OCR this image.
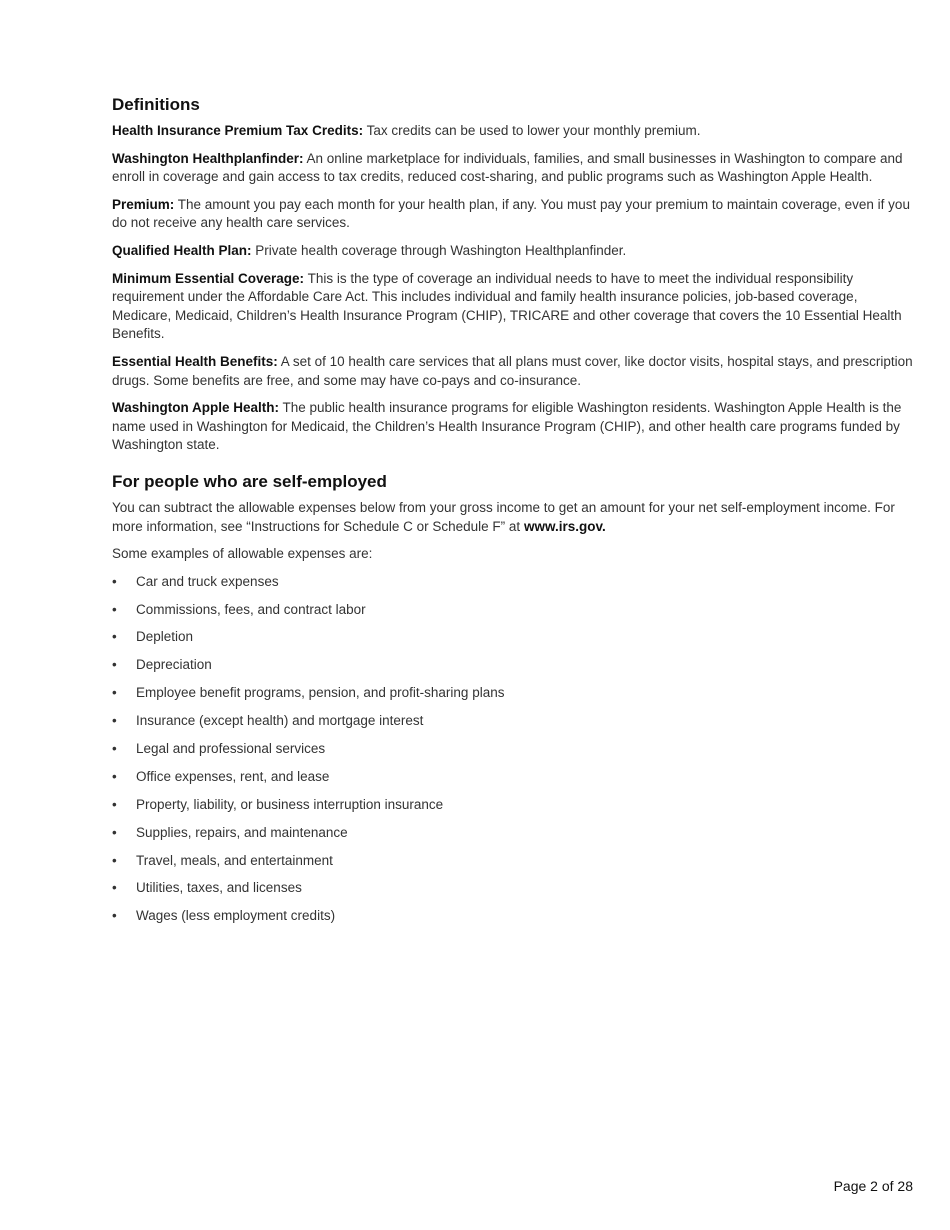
Definitions
Health Insurance Premium Tax Credits: Tax credits can be used to lower your monthly premium.
Washington Healthplanfinder: An online marketplace for individuals, families, and small businesses in Washington to compare and enroll in coverage and gain access to tax credits, reduced cost-sharing, and public programs such as Washington Apple Health.
Premium: The amount you pay each month for your health plan, if any. You must pay your premium to maintain coverage, even if you do not receive any health care services.
Qualified Health Plan: Private health coverage through Washington Healthplanfinder.
Minimum Essential Coverage: This is the type of coverage an individual needs to have to meet the individual responsibility requirement under the Affordable Care Act. This includes individual and family health insurance policies, job-based coverage, Medicare, Medicaid, Children’s Health Insurance Program (CHIP), TRICARE and other coverage that covers the 10 Essential Health Benefits.
Essential Health Benefits: A set of 10 health care services that all plans must cover, like doctor visits, hospital stays, and prescription drugs. Some benefits are free, and some may have co-pays and co-insurance.
Washington Apple Health: The public health insurance programs for eligible Washington residents. Washington Apple Health is the name used in Washington for Medicaid, the Children’s Health Insurance Program (CHIP), and other health care programs funded by Washington state.
For people who are self-employed
You can subtract the allowable expenses below from your gross income to get an amount for your net self-employment income. For more information, see “Instructions for Schedule C or Schedule F” at www.irs.gov.
Some examples of allowable expenses are:
•	Car and truck expenses
•	Commissions, fees, and contract labor
•	Depletion
•	Depreciation
•	Employee benefit programs, pension, and profit-sharing plans
•	Insurance (except health) and mortgage interest
•	Legal and professional services
•	Office expenses, rent, and lease
•	Property, liability, or business interruption insurance
•	Supplies, repairs, and maintenance
•	Travel, meals, and entertainment
•	Utilities, taxes, and licenses
•	Wages (less employment credits)
Page 2 of 28
